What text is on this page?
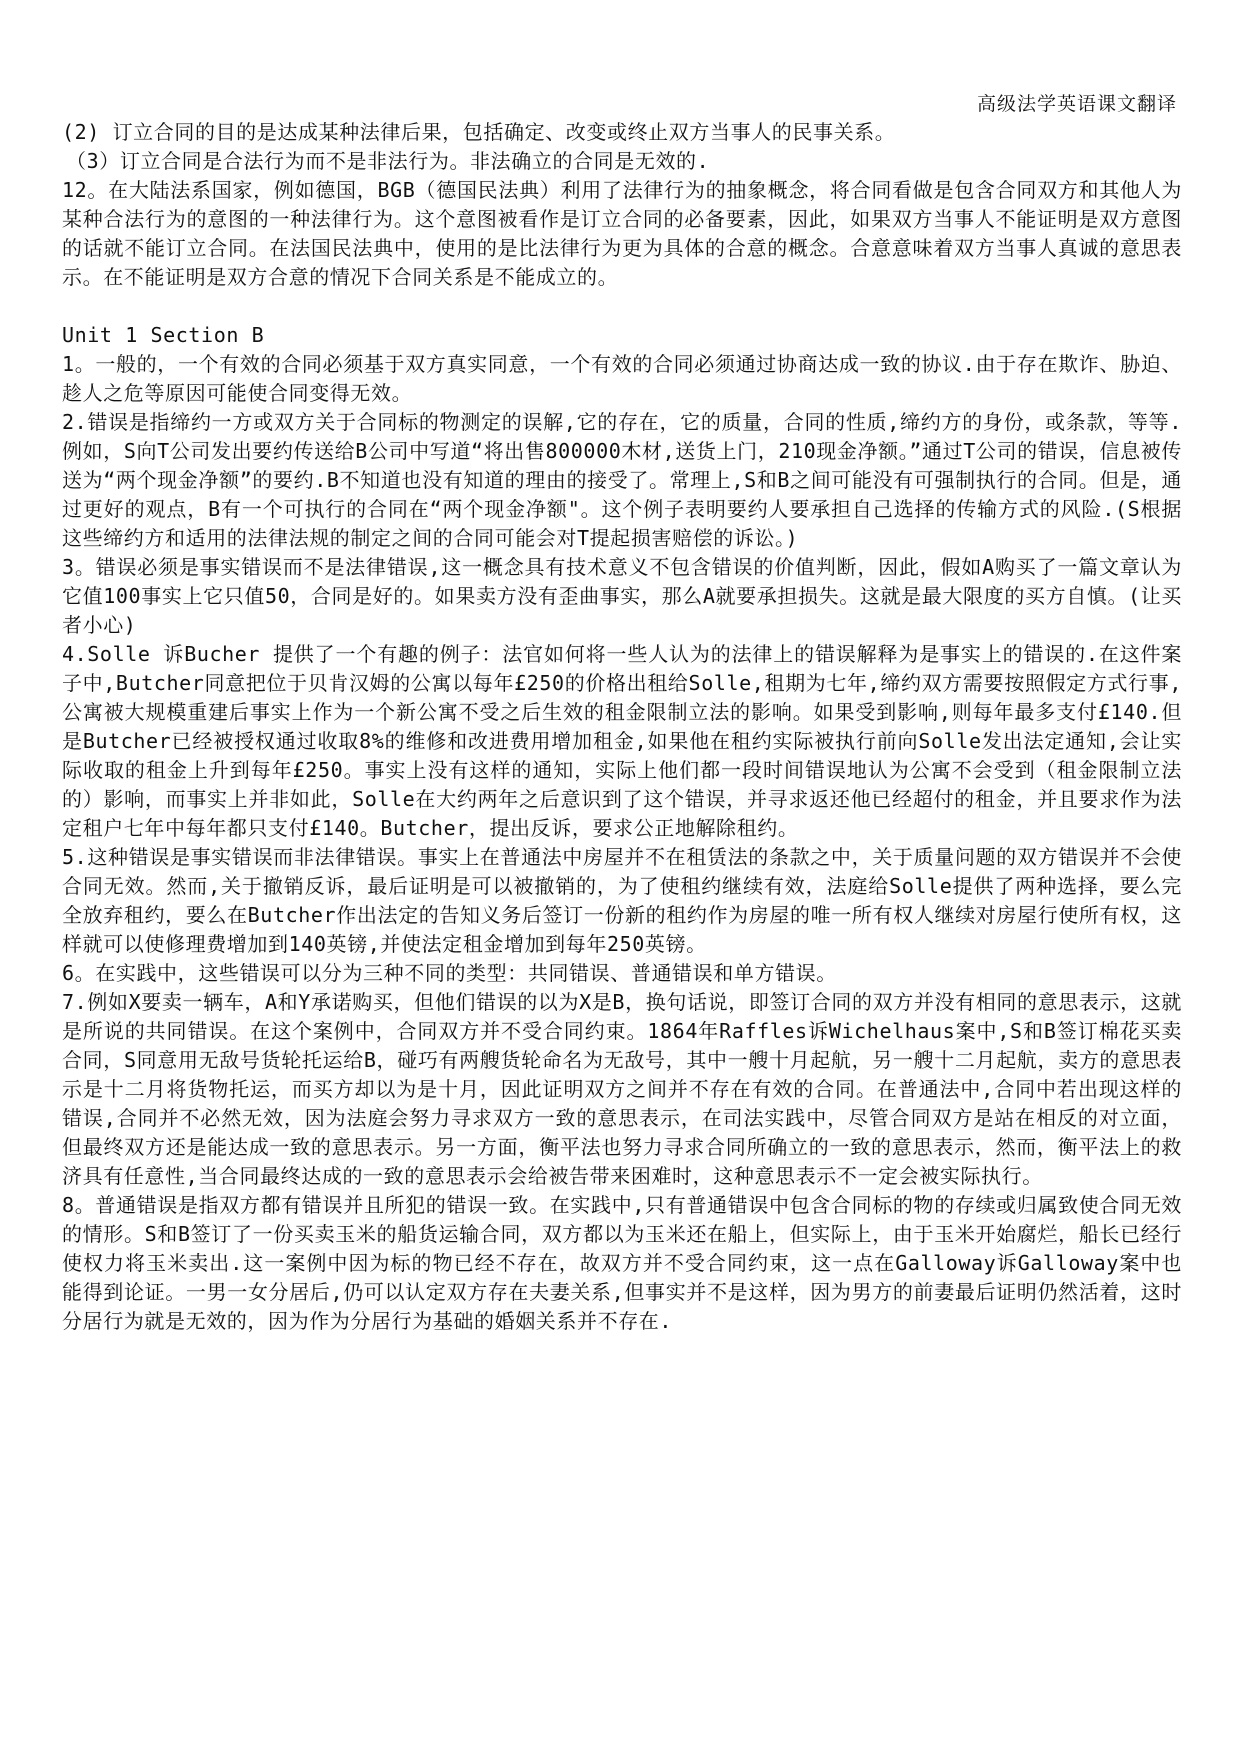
高级法学英语课文翻译

(2) 订立合同的目的是达成某种法律后果，包括确定、改变或终止双方当事人的民事关系。

（3）订立合同是合法行为而不是非法行为。非法确立的合同是无效的.

12。在大陆法系国家，例如德国，BGB（德国民法典）利用了法律行为的抽象概念，将合同看做是包含合同双方和其他人为某种合法行为的意图的一种法律行为。这个意图被看作是订立合同的必备要素，因此，如果双方当事人不能证明是双方意图的话就不能订立合同。在法国民法典中，使用的是比法律行为更为具体的合意的概念。合意意味着双方当事人真诚的意思表示。在不能证明是双方合意的情况下合同关系是不能成立的。

Unit 1 Section B

1。一般的，一个有效的合同必须基于双方真实同意，一个有效的合同必须通过协商达成一致的协议.由于存在欺诈、胁迫、趁人之危等原因可能使合同变得无效。

2.错误是指缔约一方或双方关于合同标的物测定的误解,它的存在，它的质量，合同的性质,缔约方的身份，或条款，等等.例如，S向T公司发出要约传送给B公司中写道“将出售800000木材,送货上门，210现金净额。”通过T公司的错误，信息被传送为“两个现金净额”的要约.B不知道也没有知道的理由的接受了。常理上,S和B之间可能没有可强制执行的合同。但是，通过更好的观点，B有一个可执行的合同在“两个现金净额"。这个例子表明要约人要承担自己选择的传输方式的风险.(S根据这些缔约方和适用的法律法规的制定之间的合同可能会对T提起损害赔偿的诉讼。)

3。错误必须是事实错误而不是法律错误,这一概念具有技术意义不包含错误的价值判断，因此，假如A购买了一篇文章认为它值100事实上它只值50，合同是好的。如果卖方没有歪曲事实，那么A就要承担损失。这就是最大限度的买方自慎。(让买者小心)

4.Solle 诉Bucher 提供了一个有趣的例子：法官如何将一些人认为的法律上的错误解释为是事实上的错误的.在这件案子中,Butcher同意把位于贝肯汉姆的公寓以每年£250的价格出租给Solle,租期为七年,缔约双方需要按照假定方式行事,公寓被大规模重建后事实上作为一个新公寓不受之后生效的租金限制立法的影响。如果受到影响,则每年最多支付£140.但是Butcher已经被授权通过收取8%的维修和改进费用增加租金,如果他在租约实际被执行前向Solle发出法定通知,会让实际收取的租金上升到每年£250。事实上没有这样的通知，实际上他们都一段时间错误地认为公寓不会受到（租金限制立法的）影响，而事实上并非如此，Solle在大约两年之后意识到了这个错误，并寻求返还他已经超付的租金，并且要求作为法定租户七年中每年都只支付£140。Butcher，提出反诉，要求公正地解除租约。

5.这种错误是事实错误而非法律错误。事实上在普通法中房屋并不在租赁法的条款之中，关于质量问题的双方错误并不会使合同无效。然而,关于撤销反诉，最后证明是可以被撤销的，为了使租约继续有效，法庭给Solle提供了两种选择，要么完全放弃租约，要么在Butcher作出法定的告知义务后签订一份新的租约作为房屋的唯一所有权人继续对房屋行使所有权，这样就可以使修理费增加到140英镑,并使法定租金增加到每年250英镑。

6。在实践中，这些错误可以分为三种不同的类型：共同错误、普通错误和单方错误。

7.例如X要卖一辆车，A和Y承诺购买，但他们错误的以为X是B，换句话说，即签订合同的双方并没有相同的意思表示，这就是所说的共同错误。在这个案例中，合同双方并不受合同约束。1864年Raffles诉Wichelhaus案中,S和B签订棉花买卖合同，S同意用无敌号货轮托运给B，碰巧有两艘货轮命名为无敌号，其中一艘十月起航，另一艘十二月起航，卖方的意思表示是十二月将货物托运，而买方却以为是十月，因此证明双方之间并不存在有效的合同。在普通法中,合同中若出现这样的错误,合同并不必然无效，因为法庭会努力寻求双方一致的意思表示，在司法实践中，尽管合同双方是站在相反的对立面，但最终双方还是能达成一致的意思表示。另一方面，衡平法也努力寻求合同所确立的一致的意思表示，然而，衡平法上的救济具有任意性,当合同最终达成的一致的意思表示会给被告带来困难时，这种意思表示不一定会被实际执行。

8。普通错误是指双方都有错误并且所犯的错误一致。在实践中,只有普通错误中包含合同标的物的存续或归属致使合同无效的情形。S和B签订了一份买卖玉米的船货运输合同，双方都以为玉米还在船上，但实际上，由于玉米开始腐烂，船长已经行使权力将玉米卖出.这一案例中因为标的物已经不存在，故双方并不受合同约束，这一点在Galloway诉Galloway案中也能得到论证。一男一女分居后,仍可以认定双方存在夫妻关系,但事实并不是这样，因为男方的前妻最后证明仍然活着，这时分居行为就是无效的，因为作为分居行为基础的婚姻关系并不存在.
